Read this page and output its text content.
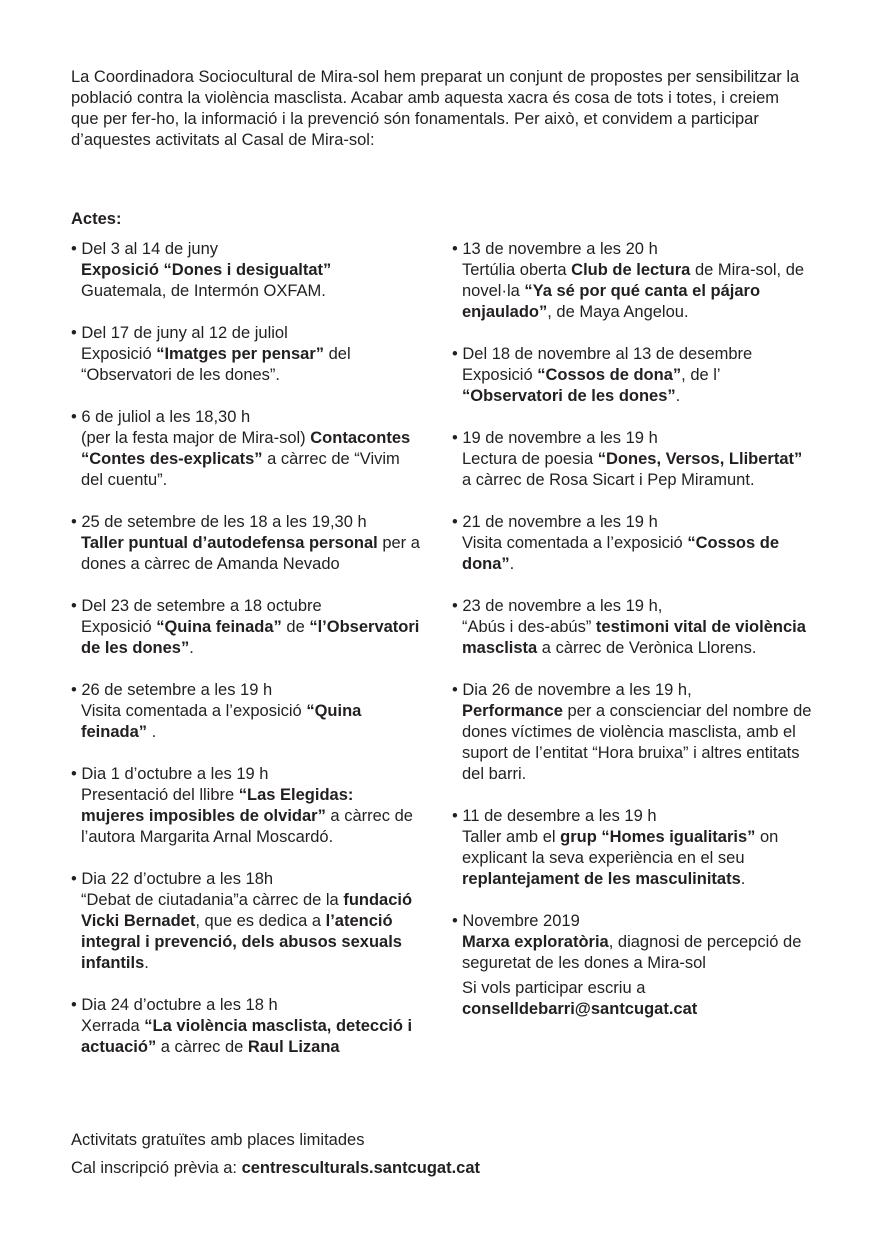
La Coordinadora Sociocultural de Mira-sol hem preparat un conjunt de propostes per sensibilitzar la població contra la violència masclista. Acabar amb aquesta xacra és cosa de tots i totes, i creiem que per fer-ho, la informació i la prevenció són fonamentals. Per això, et convidem a participar d’aquestes activitats al Casal de Mira-sol:

Actes:

• Del 3 al 14 de juny
Exposició “Dones i desigualtat” Guatemala, de Intermón OXFAM.
• Del 17 de juny al 12 de juliol
Exposició “Imatges per pensar” del “Observatori de les dones”.
• 6 de juliol a les 18,30 h
(per la festa major de Mira-sol) Contacontes “Contes des-explicats” a càrrec de “Vivim del cuentu”.
• 25 de setembre de les 18 a les 19,30 h
Taller puntual d’autodefensa personal per a dones a càrrec de Amanda Nevado
• Del 23 de setembre a 18 octubre
Exposició “Quina feinada” de “l’Observatori de les dones”.
• 26 de setembre a les 19 h
Visita comentada a l’exposició “Quina feinada” .
• Dia 1 d’octubre a les 19 h
Presentació del llibre “Las Elegidas: mujeres imposibles de olvidar” a càrrec de l’autora Margarita Arnal Moscardó.
• Dia 22 d’octubre a les 18h
“Debat de ciutadania”a càrrec de la fundació Vicki Bernadet, que es dedica a l’atenció integral i prevenció, dels abusos sexuals infantils.
• Dia 24 d’octubre a les 18 h
Xerrada “La violència masclista, detecció i actuació” a càrrec de Raul Lizana
• 13 de novembre a les 20 h
Tertúlia oberta Club de lectura de Mira-sol, de novel·la “Ya sé por qué canta el pájaro enjaulado”, de Maya Angelou.
• Del 18 de novembre al 13 de desembre
Exposició “Cossos de dona”, de l’ “Observatori de les dones”.
• 19 de novembre a les 19 h
Lectura de poesia “Dones, Versos, Llibertat” a càrrec de Rosa Sicart i Pep Miramunt.
• 21 de novembre a les 19 h
Visita comentada a l’exposició “Cossos de dona”.
• 23 de novembre a les 19 h,
“Abús i des-abús” testimoni vital de violència masclista a càrrec de Verònica Llorens.
• Dia 26 de novembre a les 19 h,
Performance per a conscienciar del nombre de dones víctimes de violència masclista, amb el suport de l’entitat “Hora bruixa” i altres entitats del barri.
• 11 de desembre a les 19 h
Taller amb el grup “Homes igualitaris” on explicant la seva experiència en el seu replantejament de les masculinitats.
• Novembre 2019
Marxa exploratòria, diagnosi de percepció de seguretat de les dones a Mira-sol
Si vols participar escriu a
conselldebarri@santcugat.cat

Activitats gratuïtes amb places limitades

Cal inscripció prèvia a: centresculturals.santcugat.cat
